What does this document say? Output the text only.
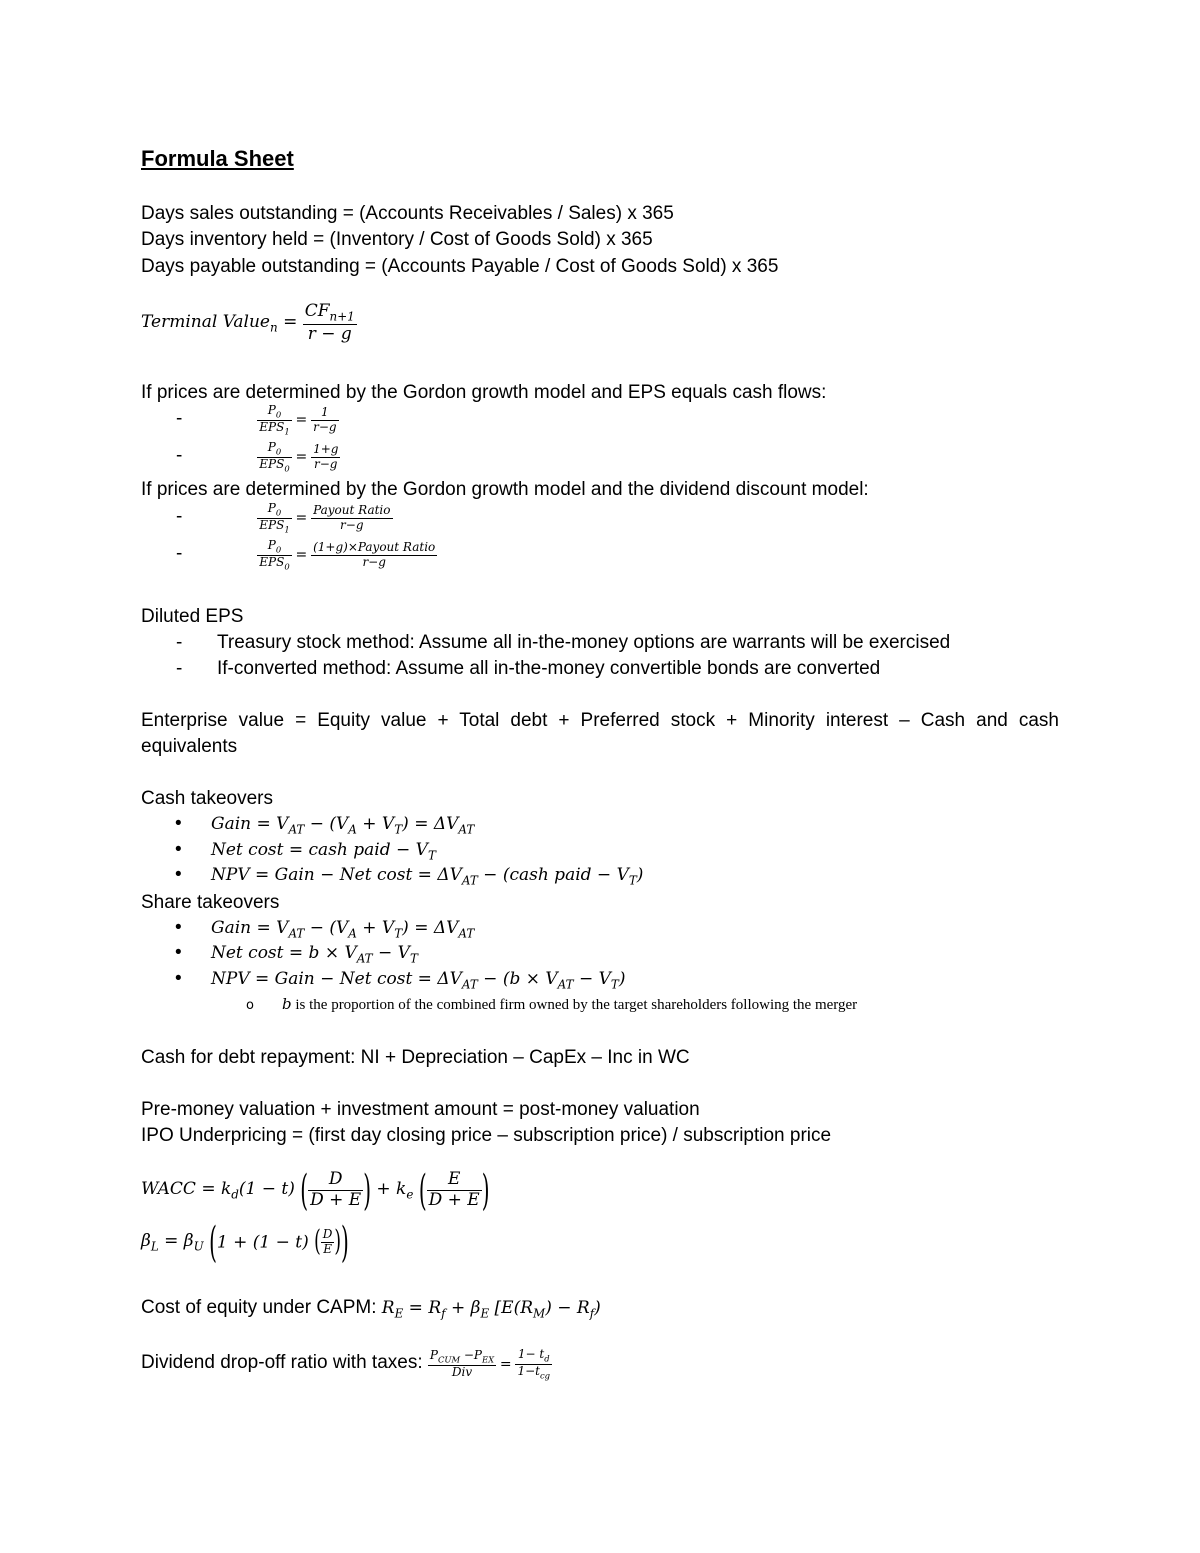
Formula Sheet
Days sales outstanding = (Accounts Receivables / Sales) x 365
Days inventory held = (Inventory / Cost of Goods Sold) x 365
Days payable outstanding = (Accounts Payable / Cost of Goods Sold) x 365
Terminal Value$_n$ = $\frac{CF_{n+1}}{r - g}$
If prices are determined by the Gordon growth model and EPS equals cash flows:
-	$\frac{P_0}{EPS_1} = \frac{1}{r-g}$
-	$\frac{P_0}{EPS_0} = \frac{1+g}{r-g}$
If prices are determined by the Gordon growth model and the dividend discount model:
-	$\frac{P_0}{EPS_1} = \frac{\text{Payout Ratio}}{r-g}$
-	$\frac{P_0}{EPS_0} = \frac{\text{(1+g)×Payout Ratio}}{r-g}$
Diluted EPS
- Treasury stock method: Assume all in-the-money options are warrants will be exercised
- If-converted method: Assume all in-the-money convertible bonds are converted
Enterprise value = Equity value + Total debt + Preferred stock + Minority interest – Cash and cash
equivalents
Cash takeovers
• Gain = $V_{AT} - (V_A + V_T) = \Delta V_{AT}$
• Net cost = cash paid − $V_T$
• NPV = Gain − Net $\cos t = \Delta V_{AT}$ − (cash paid − $V_T$)
Share takeovers
• Gain = $V_{AT} - (V_A + V_T) = \Delta V_{AT}$
• Net $\cos t = b \times V_{AT} - V_T$
• NPV = Gain − Net $\cos t = \Delta V_{AT} - (b \times V_{AT} - V_T)$
o b is the proportion of the combined firm owned by the target shareholders following the merger
Cash for debt repayment: NI + Depreciation – CapEx – Inc in WC
Pre-money valuation + investment amount = post-money valuation
IPO Underpricing = (first day closing price – subscription price) / subscription price
WACC = $k_d(1 - t)$ ( $\frac{D}{D + E}$ ) + $k_e$ ( $\frac{E}{D + E}$ )
$\beta_L = \beta_U$ (1 + (1 − t) ( $\frac{D}{E}$ ))
Cost of equity under CAPM: $R_E = R_f + \beta_E$ $[E(R_M) - R_f)$
Dividend drop-off ratio with taxes: $\frac{P_{CUM} -P_{EX}}{\text{Div}} = \frac{1- t_d}{1-t_{cg}}$
